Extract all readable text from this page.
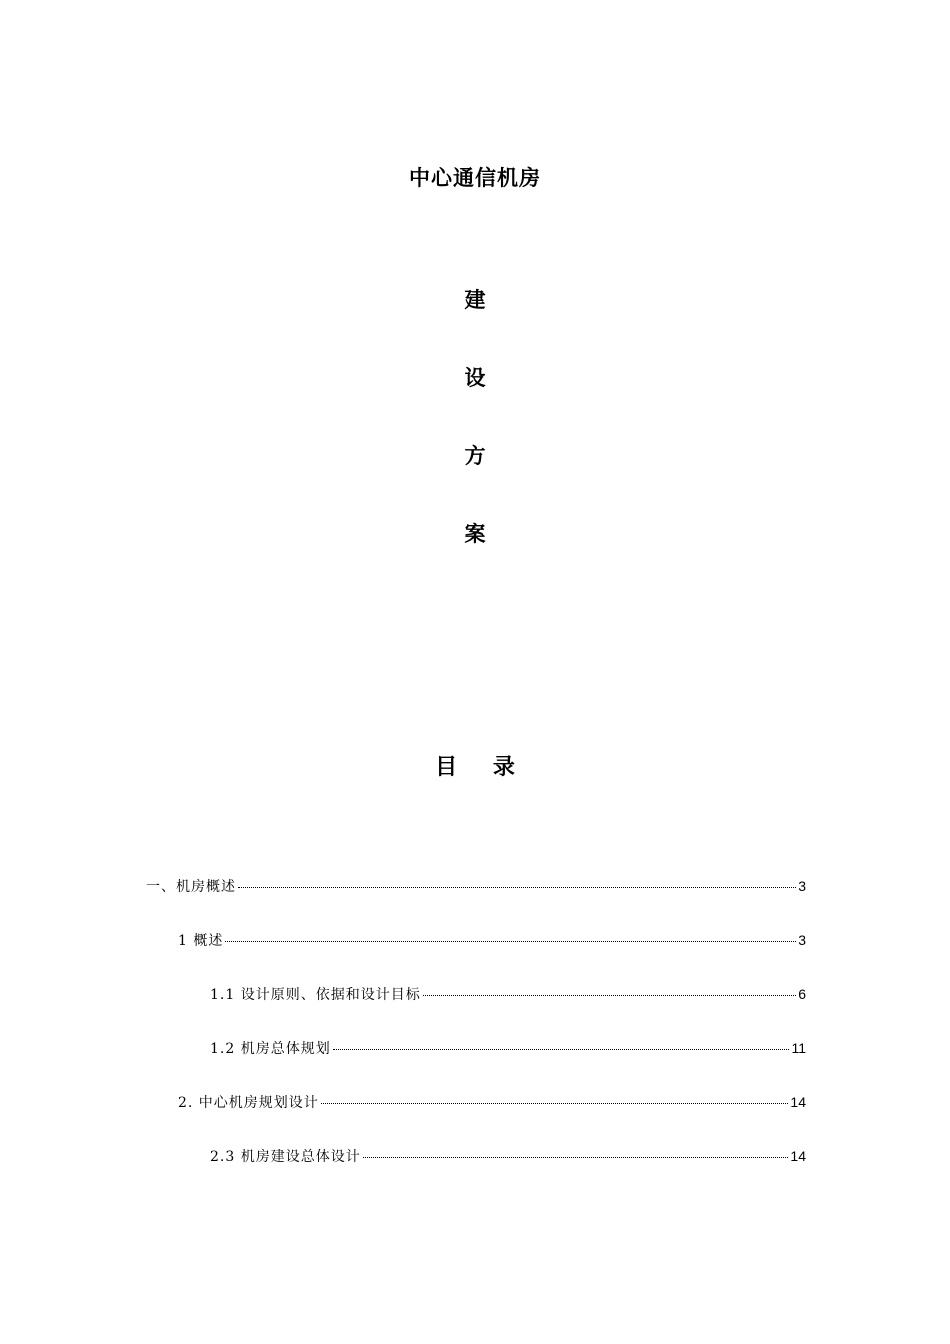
中心通信机房
建
设
方
案
目 录
一、机房概述	3
1 概述	3
1.1 设计原则、依据和设计目标	6
1.2 机房总体规划	11
2. 中心机房规划设计	14
2.3 机房建设总体设计	14
